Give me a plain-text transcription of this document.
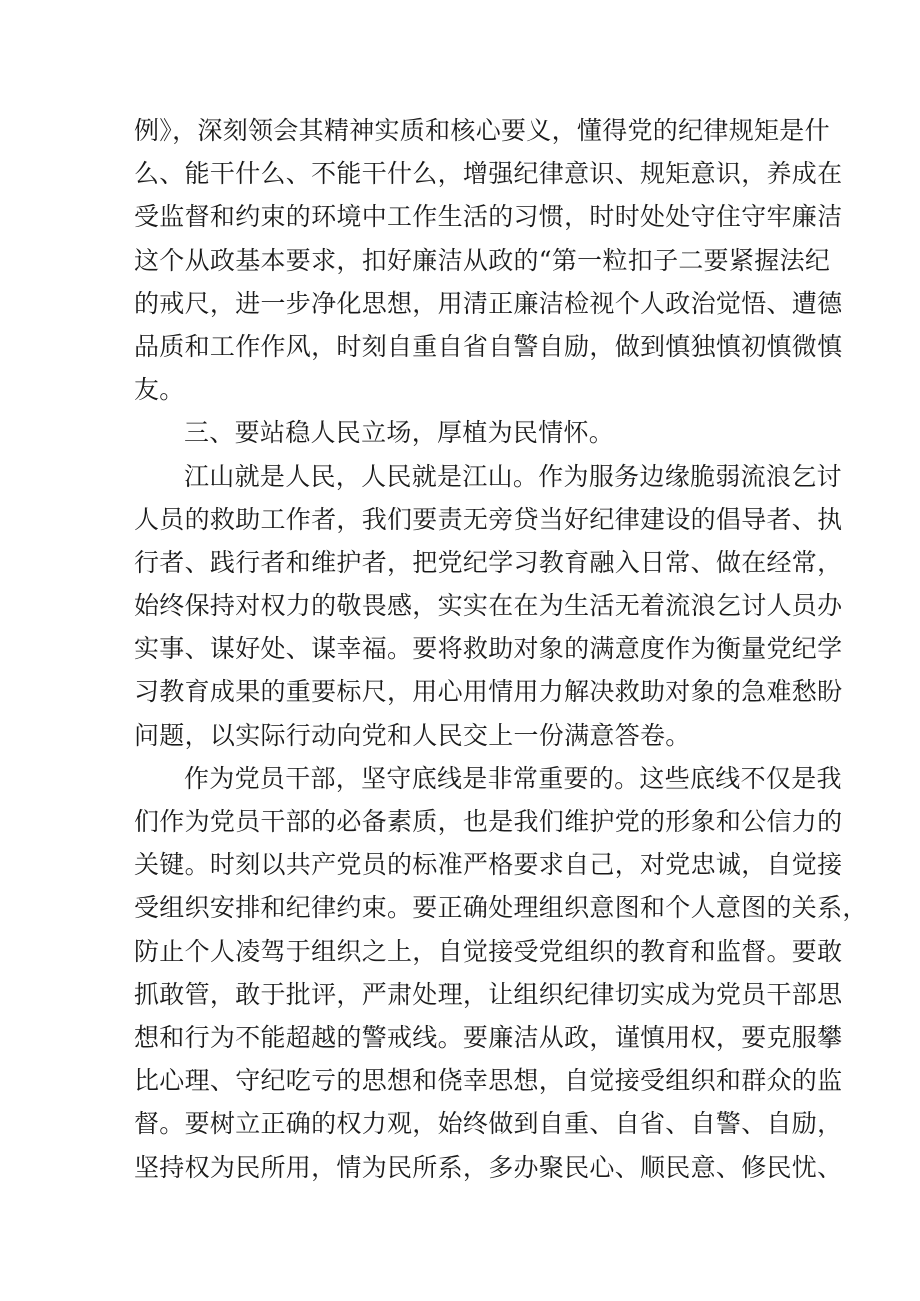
例》，深刻领会其精神实质和核心要义，懂得党的纪律规矩是什
么、能干什么、不能干什么，增强纪律意识、规矩意识，养成在
受监督和约束的环境中工作生活的习惯，时时处处守住守牢廉洁
这个从政基本要求，扣好廉洁从政的“第一粒扣子二要紧握法纪
的戒尺，进一步净化思想，用清正廉洁检视个人政治觉悟、遭德
品质和工作作风，时刻自重自省自警自励，做到慎独慎初慎微慎
友。
三、要站稳人民立场，厚植为民情怀。
江山就是人民，人民就是江山。作为服务边缘脆弱流浪乞讨
人员的救助工作者，我们要责无旁贷当好纪律建设的倡导者、执
行者、践行者和维护者，把党纪学习教育融入日常、做在经常，
始终保持对权力的敬畏感，实实在在为生活无着流浪乞讨人员办
实事、谋好处、谋幸福。要将救助对象的满意度作为衡量党纪学
习教育成果的重要标尺，用心用情用力解决救助对象的急难愁盼
问题，以实际行动向党和人民交上一份满意答卷。
作为党员干部，坚守底线是非常重要的。这些底线不仅是我
们作为党员干部的必备素质，也是我们维护党的形象和公信力的
关键。时刻以共产党员的标准严格要求自己，对党忠诚，自觉接
受组织安排和纪律约束。要正确处理组织意图和个人意图的关系，
防止个人凌驾于组织之上，自觉接受党组织的教育和监督。要敢
抓敢管，敢于批评，严肃处理，让组织纪律切实成为党员干部思
想和行为不能超越的警戒线。要廉洁从政，谨慎用权，要克服攀
比心理、守纪吃亏的思想和侥幸思想，自觉接受组织和群众的监
督。要树立正确的权力观，始终做到自重、自省、自警、自励，
坚持权为民所用，情为民所系，多办聚民心、顺民意、修民忧、
